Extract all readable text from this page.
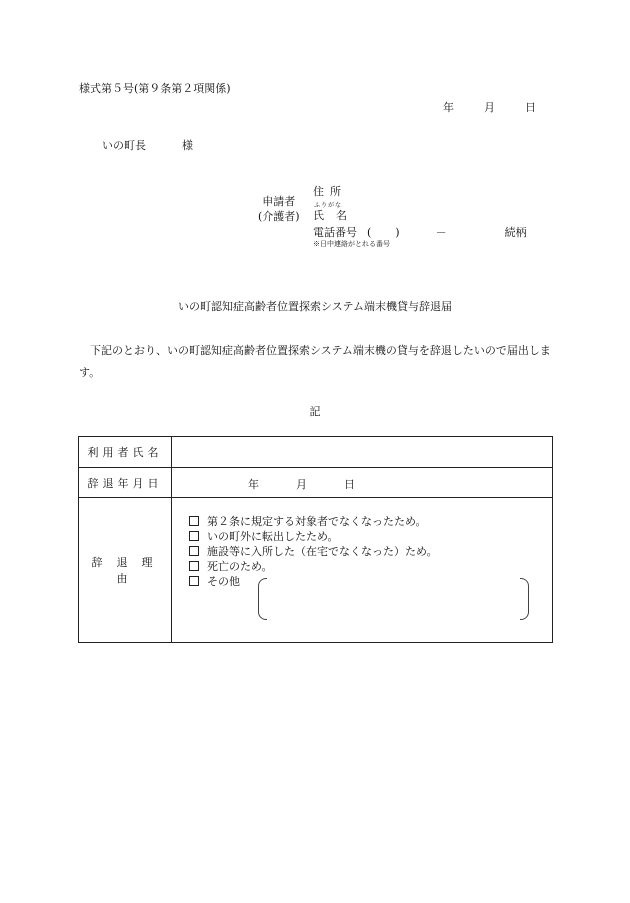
様式第５号(第９条第２項関係)
年	月	日
いの町長	様
申請者
(介護者)
住所
ふりがな
氏名
電話番号 ( )	－	続柄
※日中連絡がとれる番号
いの町認知症高齢者位置探索システム端末機貸与辞退届
下記のとおり、いの町認知症高齢者位置探索システム端末機の貸与を辞退したいので届出します。
記
利用者氏名	
辞退年月日	年 月 日

辞退理由	第２条に規定する対象者でなくなったため。
いの町外に転出したため。
施設等に入所した（在宅でなくなった）ため。
死亡のため。
その他
